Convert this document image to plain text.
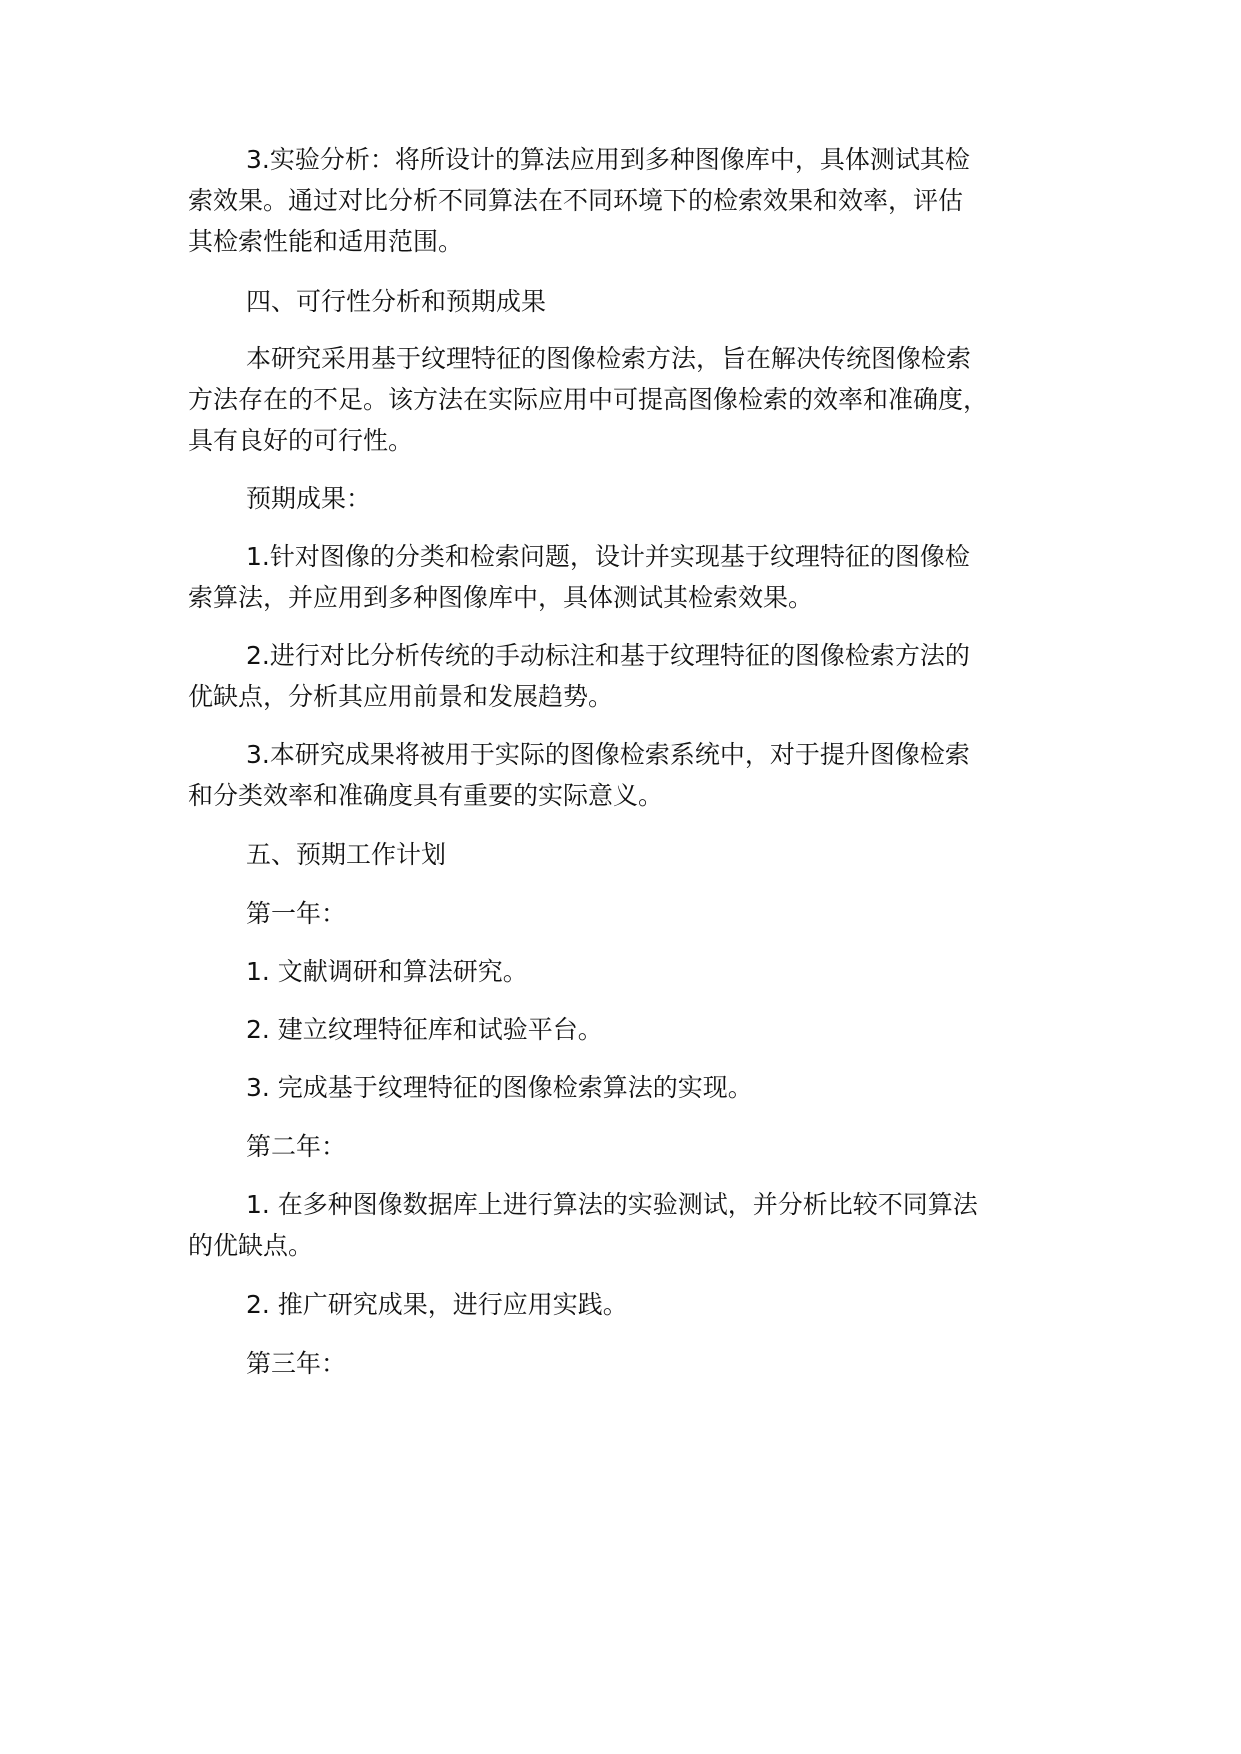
3.实验分析：将所设计的算法应用到多种图像库中，具体测试其检
索效果。通过对比分析不同算法在不同环境下的检索效果和效率，评估
其检索性能和适用范围。
四、可行性分析和预期成果
本研究采用基于纹理特征的图像检索方法，旨在解决传统图像检索
方法存在的不足。该方法在实际应用中可提高图像检索的效率和准确度，
具有良好的可行性。
预期成果：
1.针对图像的分类和检索问题，设计并实现基于纹理特征的图像检
索算法，并应用到多种图像库中，具体测试其检索效果。
2.进行对比分析传统的手动标注和基于纹理特征的图像检索方法的
优缺点，分析其应用前景和发展趋势。
3.本研究成果将被用于实际的图像检索系统中，对于提升图像检索
和分类效率和准确度具有重要的实际意义。
五、预期工作计划
第一年：
1. 文献调研和算法研究。
2. 建立纹理特征库和试验平台。
3. 完成基于纹理特征的图像检索算法的实现。
第二年：
1. 在多种图像数据库上进行算法的实验测试，并分析比较不同算法
的优缺点。
2. 推广研究成果，进行应用实践。
第三年：
